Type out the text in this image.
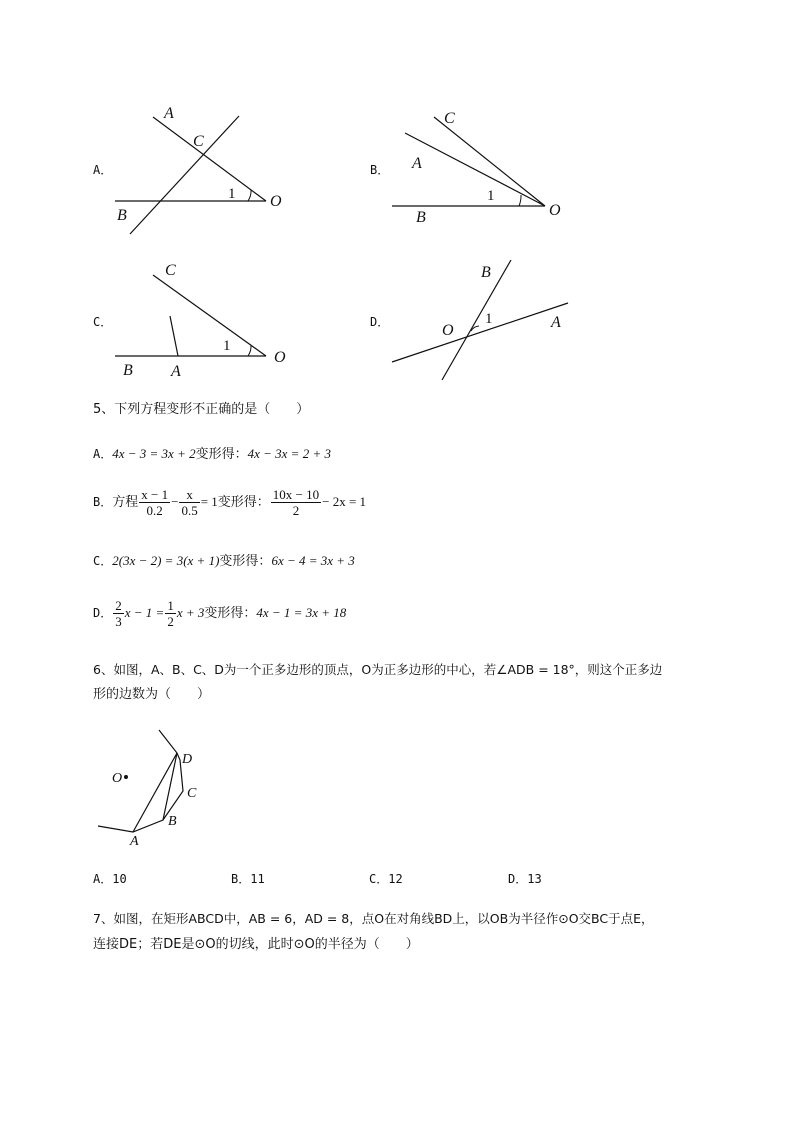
A．
A
C
B
O
1
B．
C
A
B	O
1
C．
C
B A
O
1
D．
B
O	A
1
5、下列方程变形不正确的是（　　）
A．4x − 3 = 3x + 2变形得：4x − 3x = 2 + 3
B．方程 $\frac{x - 1}{0.2} - \frac{x}{0.5} = 1$变形得： $\frac{10x - 10}{2} - 2x = 1$
C．2(3x − 2) = 3(x + 1)变形得：6x − 4 = 3x + 3
D． $\frac{2}{3}$ $x - 1 = \frac{1}{2}$ x + 3变形得：4x − 1 = 3x + 18
6、如图，A、B、C、D为一个正多边形的顶点，O为正多边形的中心，若∠ADB = 18°，则这个正多边
形的边数为（　　）
O
D
C
B
A
A．10	B．11	C．12	D．13
7、如图，在矩形ABCD中，AB = 6，AD = 8，点O在对角线BD上，以OB为半径作⊙O交BC于点E，
连接DE；若DE是⊙O的切线，此时⊙O的半径为（　　）
